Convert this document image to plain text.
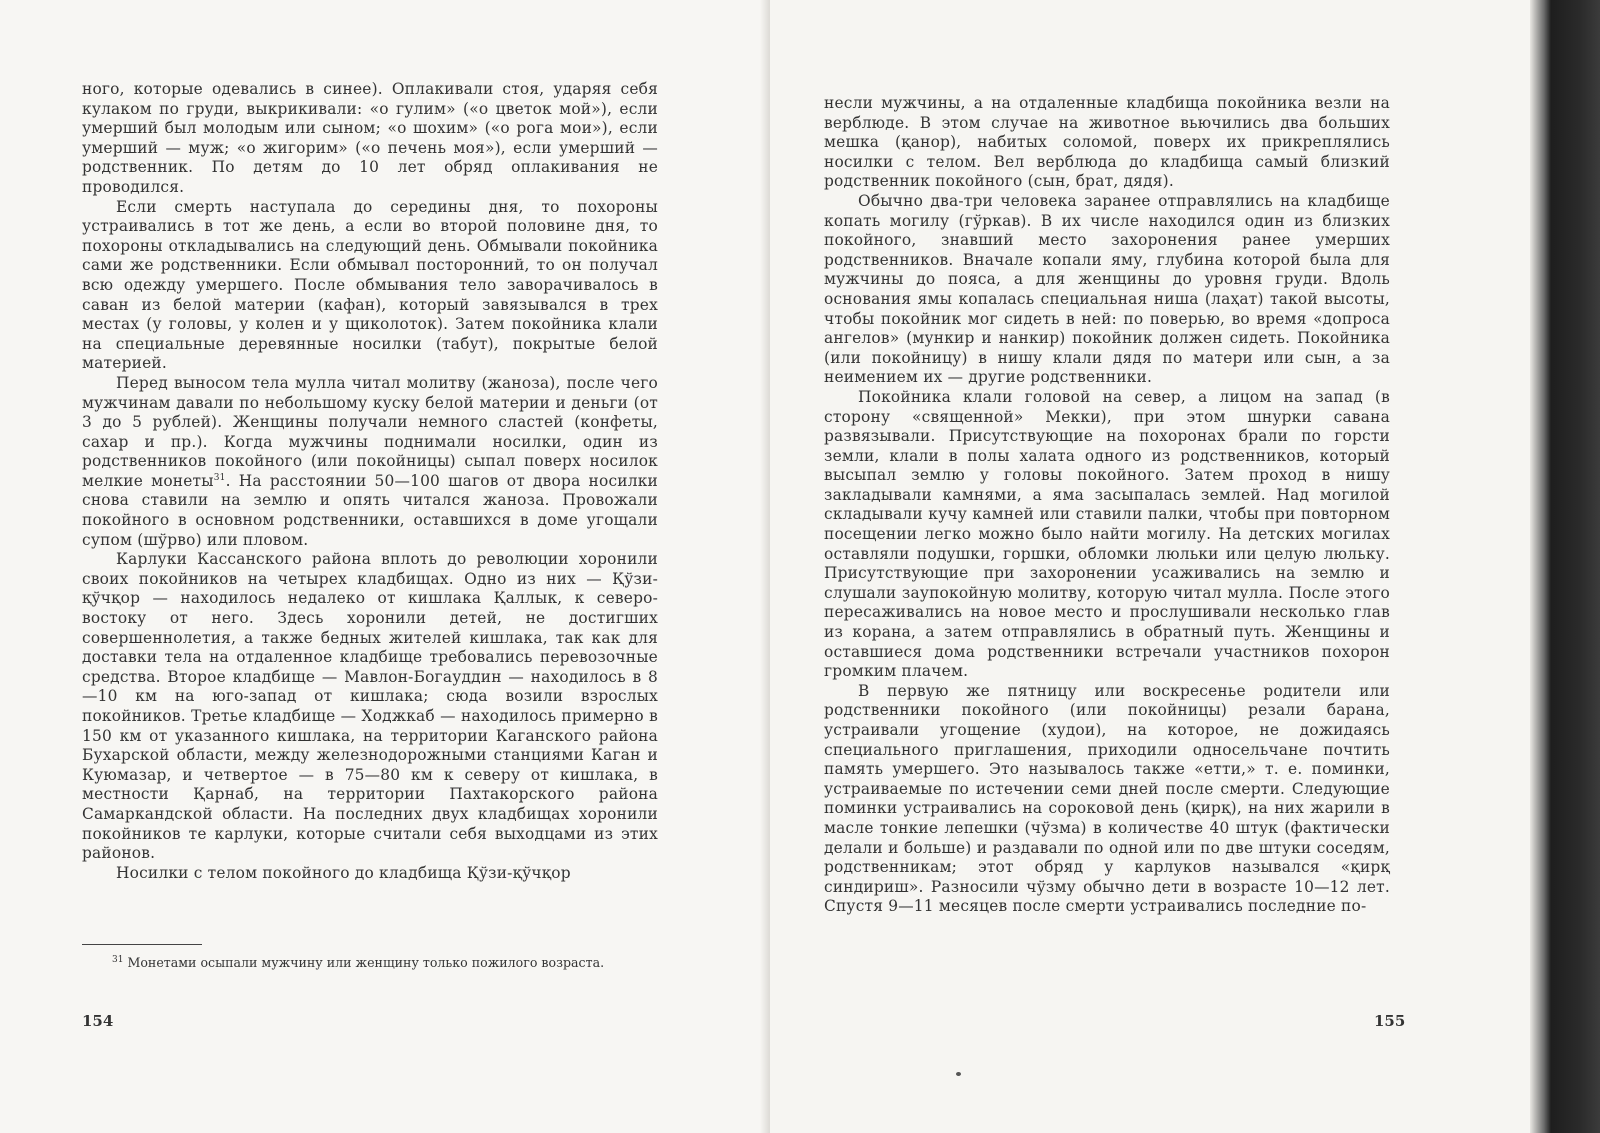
ного, которые одевались в синее). Оплакивали стоя, ударяя себя кулаком по груди, выкрикивали: «о гулим» («о цветок мой»), если умерший был молодым или сыном; «о шохим» («о рога мои»), если умерший — муж; «о жигорим» («о печень моя»), если умерший — родственник. По детям до 10 лет обряд оплакивания не проводился.

Если смерть наступала до середины дня, то похороны устраивались в тот же день, а если во второй половине дня, то похороны откладывались на следующий день. Обмывали покойника сами же родственники. Если обмывал посторонний, то он получал всю одежду умершего. После обмывания тело заворачивалось в саван из белой материи (кафан), который завязывался в трех местах (у головы, у колен и у щиколоток). Затем покойника клали на специальные деревянные носилки (табут), покрытые белой материей.

Перед выносом тела мулла читал молитву (жаноза), после чего мужчинам давали по небольшому куску белой материи и деньги (от 3 до 5 рублей). Женщины получали немного сластей (конфеты, сахар и пр.). Когда мужчины поднимали носилки, один из родственников покойного (или покойницы) сыпал поверх носилок мелкие монеты$^{31}$. На расстоянии 50—100 шагов от двора носилки снова ставили на землю и опять читался жаноза. Провожали покойного в основном родственники, оставшихся в доме угощали супом (шўрво) или пловом.

Карлуки Кассанского района вплоть до революции хоронили своих покойников на четырех кладбищах. Одно из них — Қўзи-қўчқор — находилось недалеко от кишлака Қаллык, к северо-востоку от него. Здесь хоронили детей, не достигших совершеннолетия, а также бедных жителей кишлака, так как для доставки тела на отдаленное кладбище требовались перевозочные средства. Второе кладбище — Мавлон-Богауддин — находилось в 8—10 км на юго-запад от кишлака; сюда возили взрослых покойников. Третье кладбище — Ходжкаб — находилось примерно в 150 км от указанного кишлака, на территории Каганского района Бухарской области, между железнодорожными станциями Каган и Куюмазар, и четвертое — в 75—80 км к северу от кишлака, в местности Қарнаб, на территории Пахтакорского района Самаркандской области. На последних двух кладбищах хоронили покойников те карлуки, которые считали себя выходцами из этих районов.

Носилки с телом покойного до кладбища Қўзи-қўчқор

$^{31}$ Монетами осыпали мужчину или женщину только пожилого возраста.
154

несли мужчины, а на отдаленные кладбища покойника везли на верблюде. В этом случае на животное вьючились два больших мешка (қанор), набитых соломой, поверх их прикреплялись носилки с телом. Вел верблюда до кладбища самый близкий родственник покойного (сын, брат, дядя).

Обычно два-три человека заранее отправлялись на кладбище копать могилу (гўркав). В их числе находился один из близких покойного, знавший место захоронения ранее умерших родственников. Вначале копали яму, глубина которой была для мужчины до пояса, а для женщины до уровня груди. Вдоль основания ямы копалась специальная ниша (лаҳат) такой высоты, чтобы покойник мог сидеть в ней: по поверью, во время «допроса ангелов» (мункир и нанкир) покойник должен сидеть. Покойника (или покойницу) в нишу клали дядя по матери или сын, а за неимением их — другие родственники.

Покойника клали головой на север, а лицом на запад (в сторону «священной» Мекки), при этом шнурки савана развязывали. Присутствующие на похоронах брали по горсти земли, клали в полы халата одного из родственников, который высыпал землю у головы покойного. Затем проход в нишу закладывали камнями, а яма засыпалась землей. Над могилой складывали кучу камней или ставили палки, чтобы при повторном посещении легко можно было найти могилу. На детских могилах оставляли подушки, горшки, обломки люльки или целую люльку. Присутствующие при захоронении усаживались на землю и слушали заупокойную молитву, которую читал мулла. После этого пересаживались на новое место и прослушивали несколько глав из корана, а затем отправлялись в обратный путь. Женщины и оставшиеся дома родственники встречали участников похорон громким плачем.

В первую же пятницу или воскресенье родители или родственники покойного (или покойницы) резали барана, устраивали угощение (худои), на которое, не дожидаясь специального приглашения, приходили односельчане почтить память умершего. Это называлось также «етти,» т. е. поминки, устраиваемые по истечении семи дней после смерти. Следующие поминки устраивались на сороковой день (қирқ), на них жарили в масле тонкие лепешки (чўзма) в количестве 40 штук (фактически делали и больше) и раздавали по одной или по две штуки соседям, родственникам; этот обряд у карлуков назывался «қирқ синдириш». Разносили чўзму обычно дети в возрасте 10—12 лет. Спустя 9—11 месяцев после смерти устраивались последние по-

155
